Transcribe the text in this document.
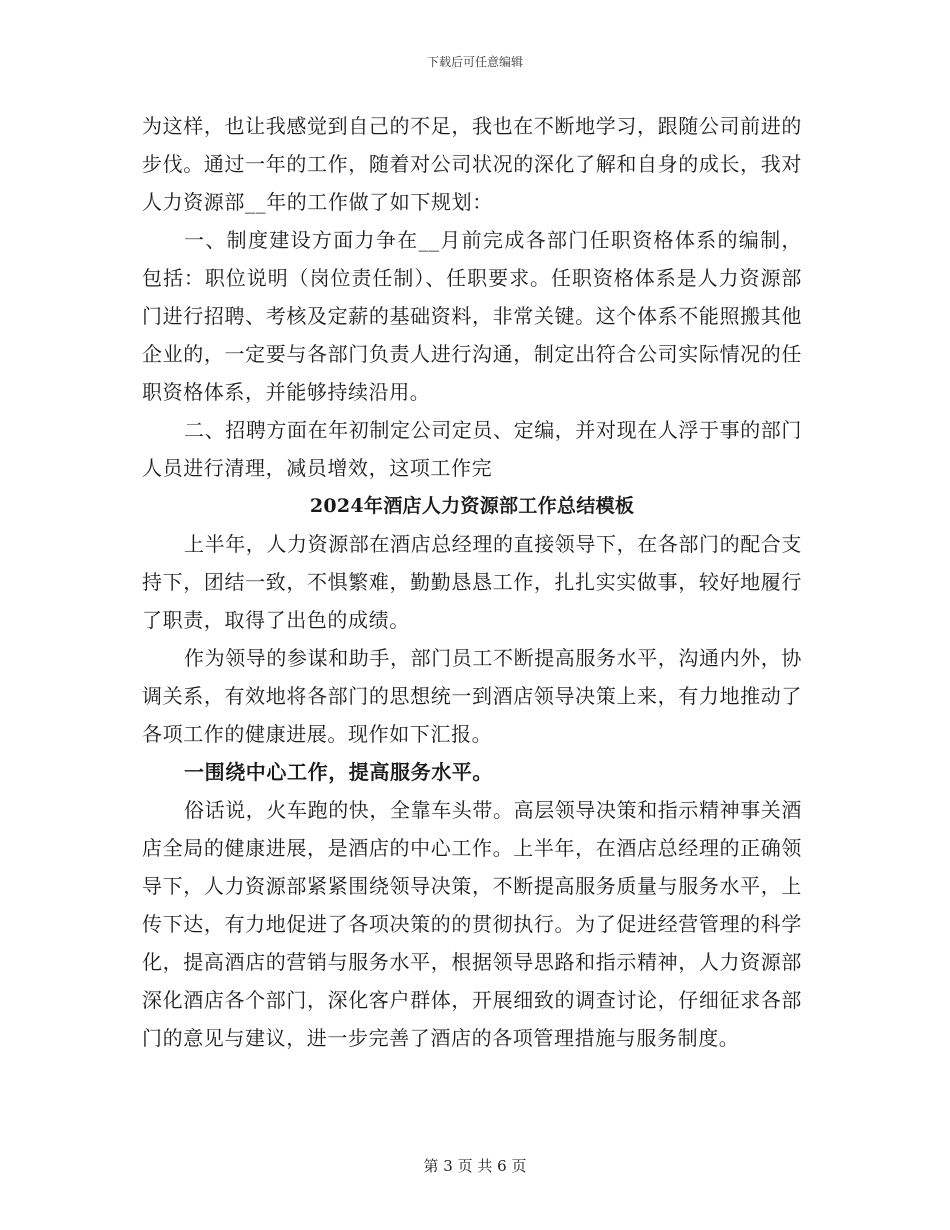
下载后可任意编辑

为这样，也让我感觉到自己的不足，我也在不断地学习，跟随公司前进的步伐。通过一年的工作，随着对公司状况的深化了解和自身的成长，我对人力资源部__年的工作做了如下规划：

一、制度建设方面力争在__月前完成各部门任职资格体系的编制，包括：职位说明（岗位责任制）、任职要求。任职资格体系是人力资源部门进行招聘、考核及定薪的基础资料，非常关键。这个体系不能照搬其他企业的，一定要与各部门负责人进行沟通，制定出符合公司实际情况的任职资格体系，并能够持续沿用。

二、招聘方面在年初制定公司定员、定编，并对现在人浮于事的部门人员进行清理，减员增效，这项工作完

2024年酒店人力资源部工作总结模板

上半年，人力资源部在酒店总经理的直接领导下，在各部门的配合支持下，团结一致，不惧繁难，勤勤恳恳工作，扎扎实实做事，较好地履行了职责，取得了出色的成绩。

作为领导的参谋和助手，部门员工不断提高服务水平，沟通内外，协调关系，有效地将各部门的思想统一到酒店领导决策上来，有力地推动了各项工作的健康进展。现作如下汇报。

一围绕中心工作，提高服务水平。

俗话说，火车跑的快，全靠车头带。高层领导决策和指示精神事关酒店全局的健康进展，是酒店的中心工作。上半年，在酒店总经理的正确领导下，人力资源部紧紧围绕领导决策，不断提高服务质量与服务水平，上传下达，有力地促进了各项决策的的贯彻执行。为了促进经营管理的科学化，提高酒店的营销与服务水平，根据领导思路和指示精神，人力资源部深化酒店各个部门，深化客户群体，开展细致的调查讨论，仔细征求各部门的意见与建议，进一步完善了酒店的各项管理措施与服务制度。

第 3 页 共 6 页
